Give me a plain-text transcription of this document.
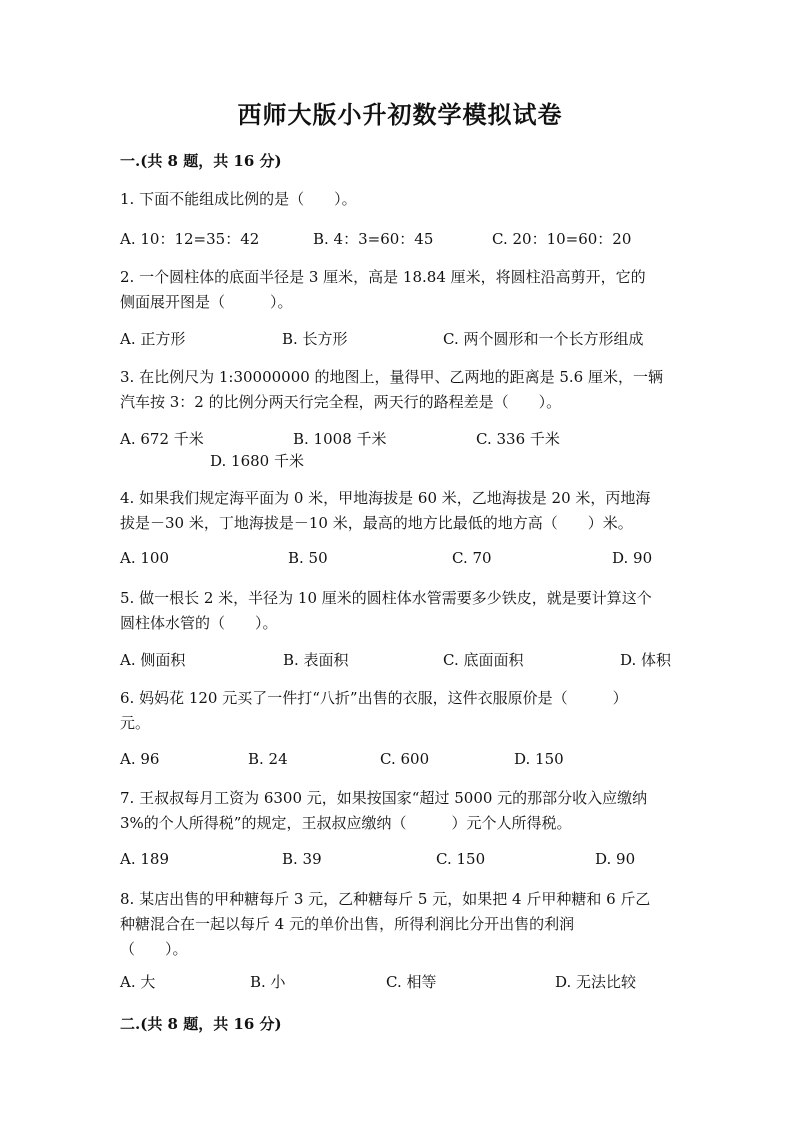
西师大版小升初数学模拟试卷
一.(共 8 题，共 16 分)
1. 下面不能组成比例的是（　　）。
A. 10：12=35：42	B. 4：3=60：45	C. 20：10=60：20
2. 一个圆柱体的底面半径是 3 厘米，高是 18.84 厘米，将圆柱沿高剪开，它的
侧面展开图是（　　　）。
A. 正方形	B. 长方形	C. 两个圆形和一个长方形组成
3. 在比例尺为 1:30000000 的地图上，量得甲、乙两地的距离是 5.6 厘米，一辆
汽车按 3：2 的比例分两天行完全程，两天行的路程差是（　　）。
A. 672 千米	B. 1008 千米	C. 336 千米
D. 1680 千米
4. 如果我们规定海平面为 0 米，甲地海拔是 60 米，乙地海拔是 20 米，丙地海
拔是－30 米，丁地海拔是－10 米，最高的地方比最低的地方高（　　）米。
A. 100	B. 50	C. 70	D. 90
5. 做一根长 2 米，半径为 10 厘米的圆柱体水管需要多少铁皮，就是要计算这个
圆柱体水管的（　　）。
A. 侧面积	B. 表面积	C. 底面面积	D. 体积
6. 妈妈花 120 元买了一件打“八折”出售的衣服，这件衣服原价是（　　　）
元。
A. 96	B. 24	C. 600	D. 150
7. 王叔叔每月工资为 6300 元，如果按国家“超过 5000 元的那部分收入应缴纳
3%的个人所得税”的规定，王叔叔应缴纳（　　　）元个人所得税。
A. 189	B. 39	C. 150	D. 90
8. 某店出售的甲种糖每斤 3 元，乙种糖每斤 5 元，如果把 4 斤甲种糖和 6 斤乙
种糖混合在一起以每斤 4 元的单价出售，所得利润比分开出售的利润
（　　）。
A. 大	B. 小	C. 相等	D. 无法比较
二.(共 8 题，共 16 分)
